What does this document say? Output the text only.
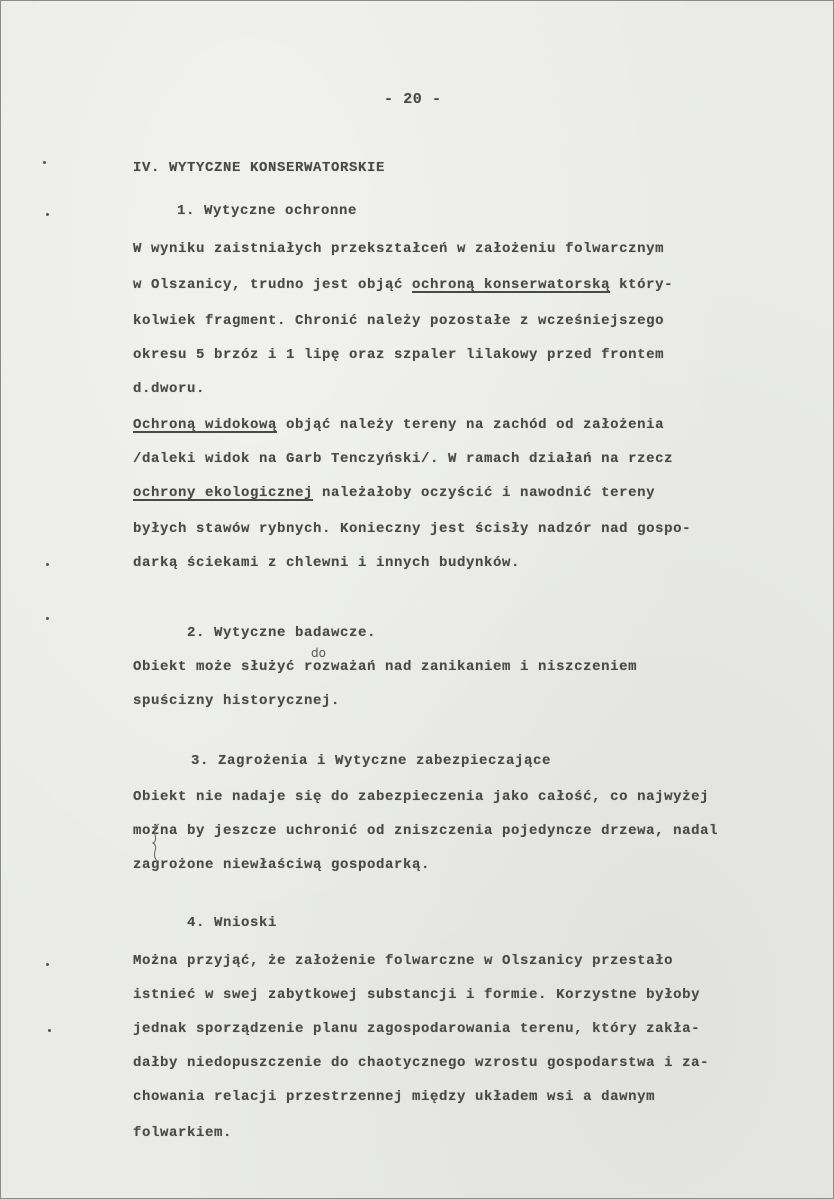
- 20 -
IV. WYTYCZNE KONSERWATORSKIE
1. Wytyczne ochronne
W wyniku zaistniałych przekształceń w założeniu folwarcznym
w Olszanicy, trudno jest objąć ochroną konserwatorską który-
kolwiek fragment. Chronić należy pozostałe z wcześniejszego
okresu 5 brzóz i 1 lipę oraz szpaler lilakowy przed frontem
d.dworu.
Ochroną widokową objąć należy tereny na zachód od założenia
/daleki widok na Garb Tenczyński/. W ramach działań na rzecz
ochrony ekologicznej należałoby oczyścić i nawodnić tereny
byłych stawów rybnych. Konieczny jest ścisły nadzór nad gospo-
darką ściekami z chlewni i innych budynków.
2. Wytyczne badawcze.
do
Obiekt może służyć rozważań nad zanikaniem i niszczeniem
spuścizny historycznej.
3. Zagrożenia i Wytyczne zabezpieczające
Obiekt nie nadaje się do zabezpieczenia jako całość, co najwyżej
można by jeszcze uchronić od zniszczenia pojedyncze drzewa, nadal
zagrożone niewłaściwą gospodarką.
4. Wnioski
Można przyjąć, że założenie folwarczne w Olszanicy przestało
istnieć w swej zabytkowej substancji i formie. Korzystne byłoby
jednak sporządzenie planu zagospodarowania terenu, który zakła-
dałby niedopuszczenie do chaotycznego wzrostu gospodarstwa i za-
chowania relacji przestrzennej między układem wsi a dawnym
folwarkiem.
